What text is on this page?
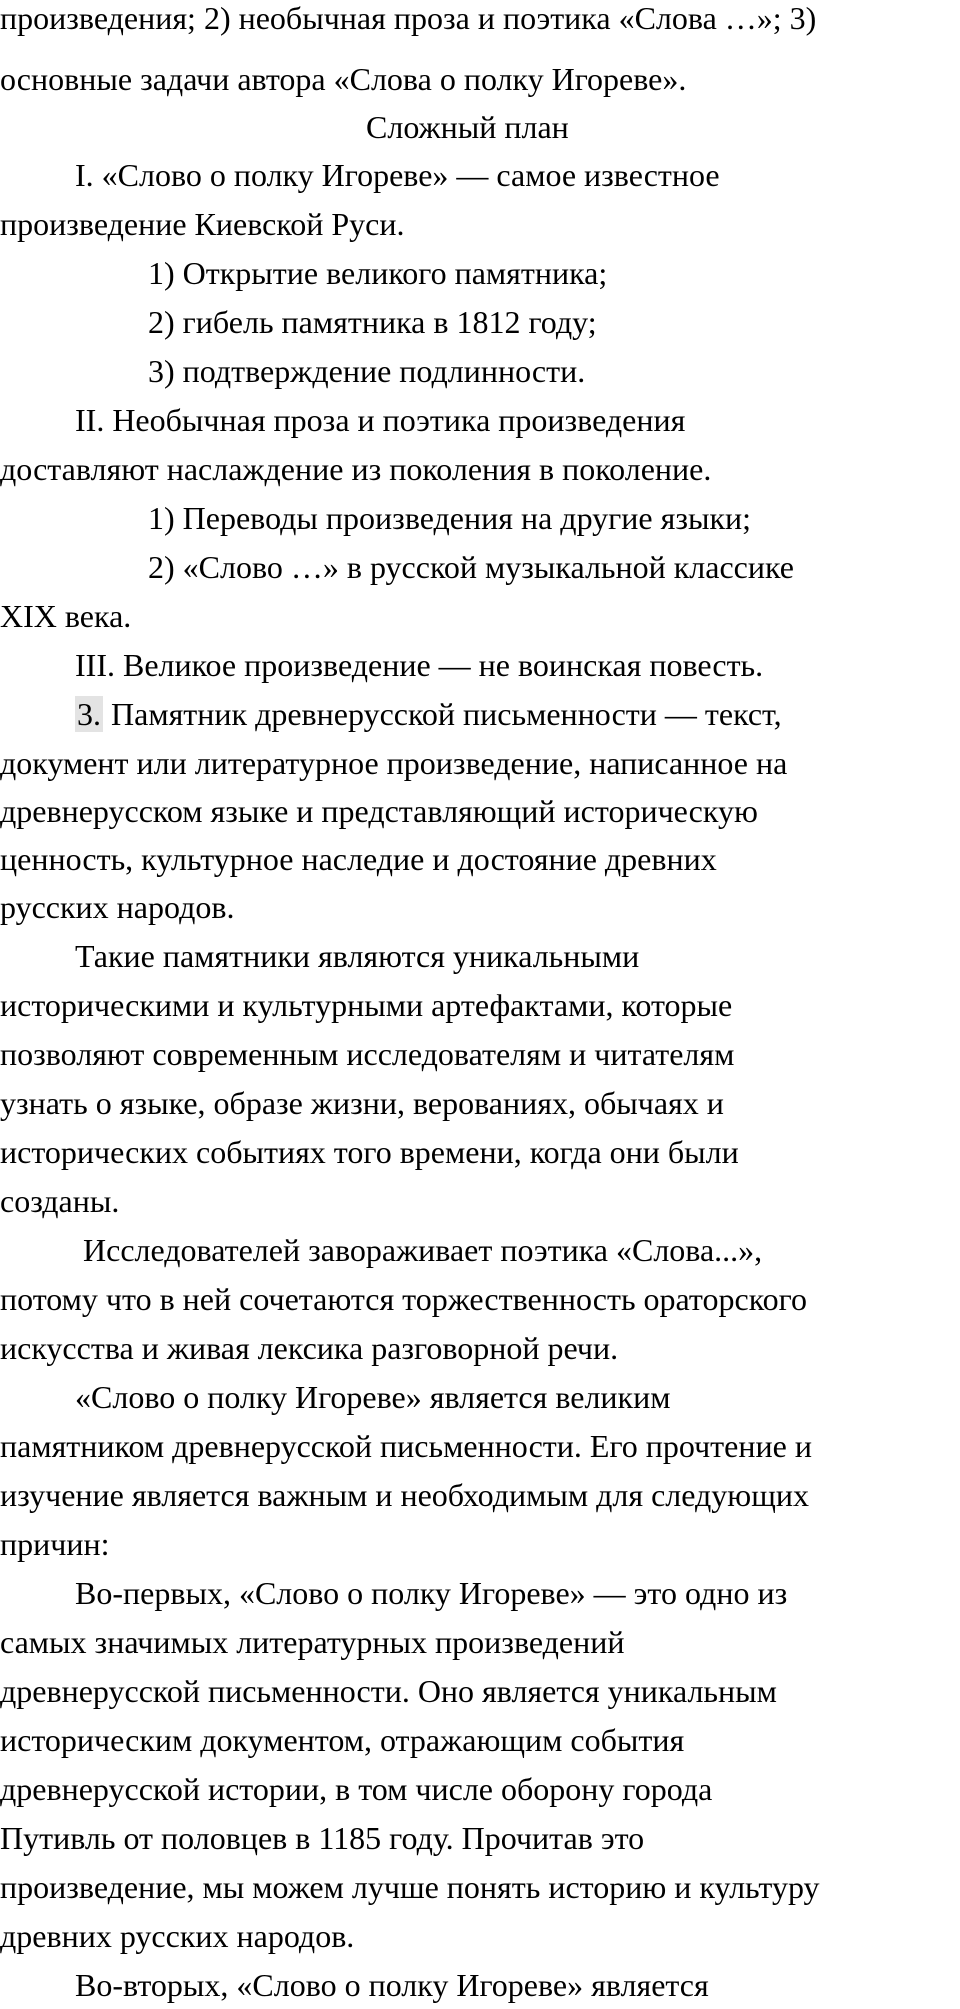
произведения; 2) необычная проза и поэтика «Слова …»; 3)
основные задачи автора «Слова о полку Игореве».
Сложный план
I. «Слово о полку Игореве» — самое известное
произведение Киевской Руси.
1) Открытие великого памятника;
2) гибель памятника в 1812 году;
3) подтверждение подлинности.
II. Необычная проза и поэтика произведения
доставляют наслаждение из поколения в поколение.
1) Переводы произведения на другие языки;
2) «Слово …» в русской музыкальной классике
XIX века.
III. Великое произведение — не воинская повесть.
3. Памятник древнерусской письменности — текст,
документ или литературное произведение, написанное на
древнерусском языке и представляющий историческую
ценность, культурное наследие и достояние древних
русских народов.
Такие памятники являются уникальными
историческими и культурными артефактами, которые
позволяют современным исследователям и читателям
узнать о языке, образе жизни, верованиях, обычаях и
исторических событиях того времени, когда они были
созданы.
Исследователей завораживает поэтика «Слова...»,
потому что в ней сочетаются торжественность ораторского
искусства и живая лексика разговорной речи.
«Слово о полку Игореве» является великим
памятником древнерусской письменности. Его прочтение и
изучение является важным и необходимым для следующих
причин:
Во-первых, «Слово о полку Игореве» — это одно из
самых значимых литературных произведений
древнерусской письменности. Оно является уникальным
историческим документом, отражающим события
древнерусской истории, в том числе оборону города
Путивль от половцев в 1185 году. Прочитав это
произведение, мы можем лучше понять историю и культуру
древних русских народов.
Во-вторых, «Слово о полку Игореве» является
